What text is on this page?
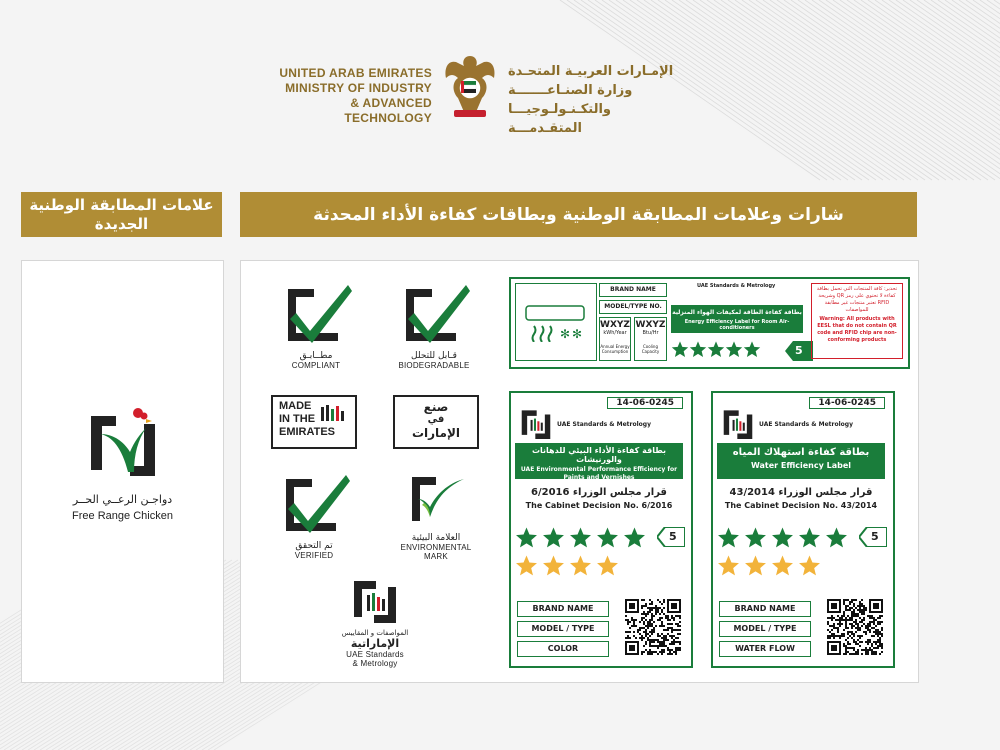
UNITED ARAB EMIRATES
MINISTRY OF INDUSTRY
& ADVANCED TECHNOLOGY
الإمـارات العربيـة المتحـدة
وزارة الصنـاعـــــــة
والتكـنـولـوجيـــا المتقـدمـــة
علامات المطابقة الوطنية الجديدة	شارات وعلامات المطابقة الوطنية وبطاقات كفاءة الأداء المحدثة
دواجـن الرعــي الحــر
Free Range Chicken
مطــابـق
COMPLIANT
قـابل للتحلل
BIODEGRADABLE
MADE
IN THE
EMIRATES
صنع
في
الإمارات
تم التحقق
VERIFIED
العلامة البيئية
ENVIRONMENTAL
MARK
المواصفات و المقاييس
الإماراتية
UAE Standards
& Metrology
✻ ✻
BRAND NAME
MODEL/TYPE NO.
WXYZ
kWh/Year
Annual Energy Consumption
WXYZ
Btu/Hr
Cooling Capacity
UAE Standards & Metrology
بطاقة كفاءة الطاقة لمكيفات الهواء المنزلية
Energy Efficiency Label for Room Air-conditioners
5
تحذير: كافة المنتجات التي تحمل بطاقة كفاءة لا تحتوي على رمز QR وشريحة RFID تعتبر منتجات غير مطابقة للمواصفات
Warning: All products with EESL that do not contain QR code and RFID chip are non-conforming products
14-06-0245
UAE Standards & Metrology
بطاقة كفاءة الأداء البيئي للدهانات والورنيشات
UAE Environmental Performance Efficiency for Paints and Vernishes
قرار مجلس الوزراء 6/2016
The Cabinet Decision No. 6/2016
5
BRAND NAME
MODEL / TYPE
COLOR
14-06-0245
UAE Standards & Metrology
بطاقة كفاءة استهلاك المياه
Water Efficiency Label
قرار مجلس الوزراء 43/2014
The Cabinet Decision No. 43/2014
5
BRAND NAME
MODEL / TYPE
WATER FLOW
